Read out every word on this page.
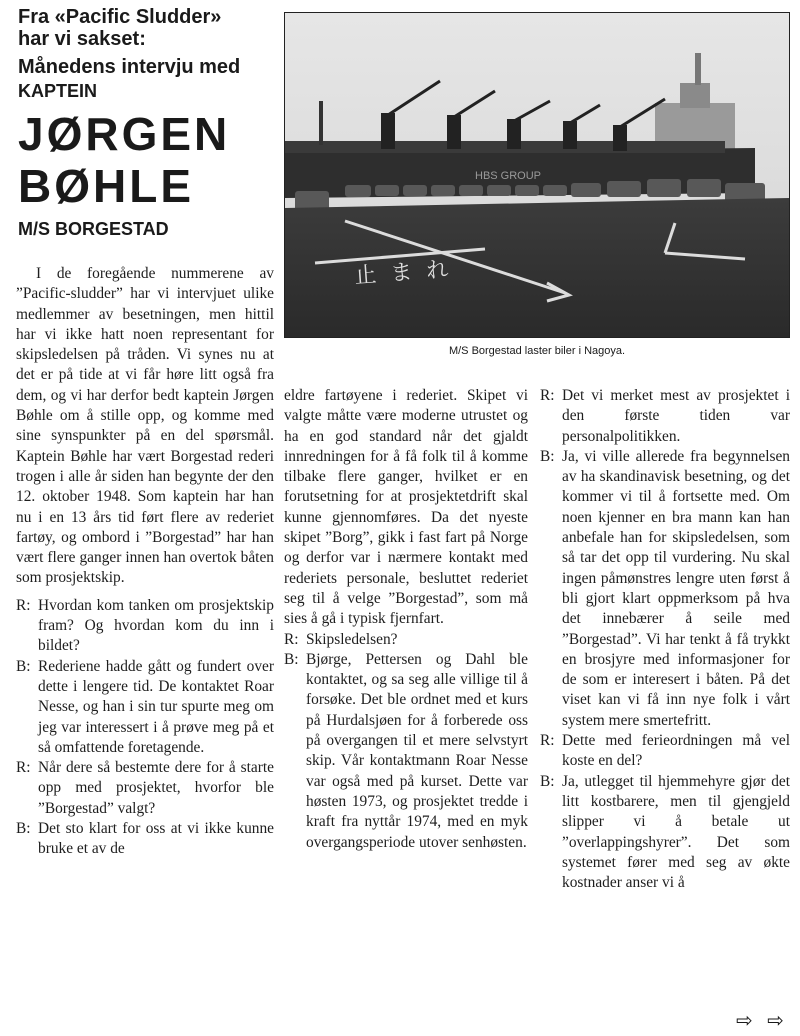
Fra «Pacific Sludder»
har vi sakset:
Månedens intervju med
KAPTEIN
JØRGEN
BØHLE
M/S BORGESTAD
HBS GROUP
止まれ
M/S Borgestad laster biler i Nagoya.

I de foregående nummerene av ”Pacific-sludder” har vi intervjuet ulike medlemmer av besetningen, men hittil har vi ikke hatt noen representant for skipsledelsen på tråden. Vi synes nu at det er på tide at vi får høre litt også fra dem, og vi har derfor bedt kaptein Jørgen Bøhle om å stille opp, og komme med sine synspunkter på en del spørsmål. Kaptein Bøhle har vært Borgestad rederi trogen i alle år siden han begynte der den 12. oktober 1948. Som kaptein har han nu i en 13 års tid ført flere av rederiet fartøy, og ombord i ”Borgestad” har han vært flere ganger innen han overtok båten som prosjektskip.

R: Hvordan kom tanken om prosjektskip fram? Og hvordan kom du inn i bildet?
B: Rederiene hadde gått og fundert over dette i lengere tid. De kontaktet Roar Nesse, og han i sin tur spurte meg om jeg var interessert i å prøve meg på et så omfattende foretagende.
R: Når dere så bestemte dere for å starte opp med prosjektet, hvorfor ble ”Borgestad” valgt?
B: Det sto klart for oss at vi ikke kunne bruke et av de

eldre fartøyene i rederiet. Skipet vi valgte måtte være moderne utrustet og ha en god standard når det gjaldt innredningen for å få folk til å komme tilbake flere ganger, hvilket er en forutsetning for at prosjektetdrift skal kunne gjennomføres. Da det nyeste skipet ”Borg”, gikk i fast fart på Norge og derfor var i nærmere kontakt med rederiets personale, besluttet rederiet seg til å velge ”Borgestad”, som må sies å gå i typisk fjernfart.

R: Skipsledelsen?
B: Bjørge, Pettersen og Dahl ble kontaktet, og sa seg alle villige til å forsøke. Det ble ordnet med et kurs på Hurdalsjøen for å forberede oss på overgangen til et mere selvstyrt skip. Vår kontaktmann Roar Nesse var også med på kurset. Dette var høsten 1973, og prosjektet tredde i kraft fra nyttår 1974, med en myk overgangsperiode utover senhøsten.
R: Det vi merket mest av prosjektet i den første tiden var personalpolitikken.
B: Ja, vi ville allerede fra begynnelsen av ha skandinavisk besetning, og det kommer vi til å fortsette med. Om noen kjenner en bra mann kan han anbefale han for skipsledelsen, som så tar det opp til vurdering. Nu skal ingen påmønstres lengre uten først å bli gjort klart oppmerksom på hva det innebærer å seile med ”Borgestad”. Vi har tenkt å få trykkt en brosjyre med informasjoner for de som er interesert i båten. På det viset kan vi få inn nye folk i vårt system mere smertefritt.
R: Dette med ferieordningen må vel koste en del?
B: Ja, utlegget til hjemmehyre gjør det litt kostbarere, men til gjengjeld slipper vi å betale ut ”overlappingshyrer”. Det som systemet fører med seg av økte kostnader anser vi å
⇨ ⇨
